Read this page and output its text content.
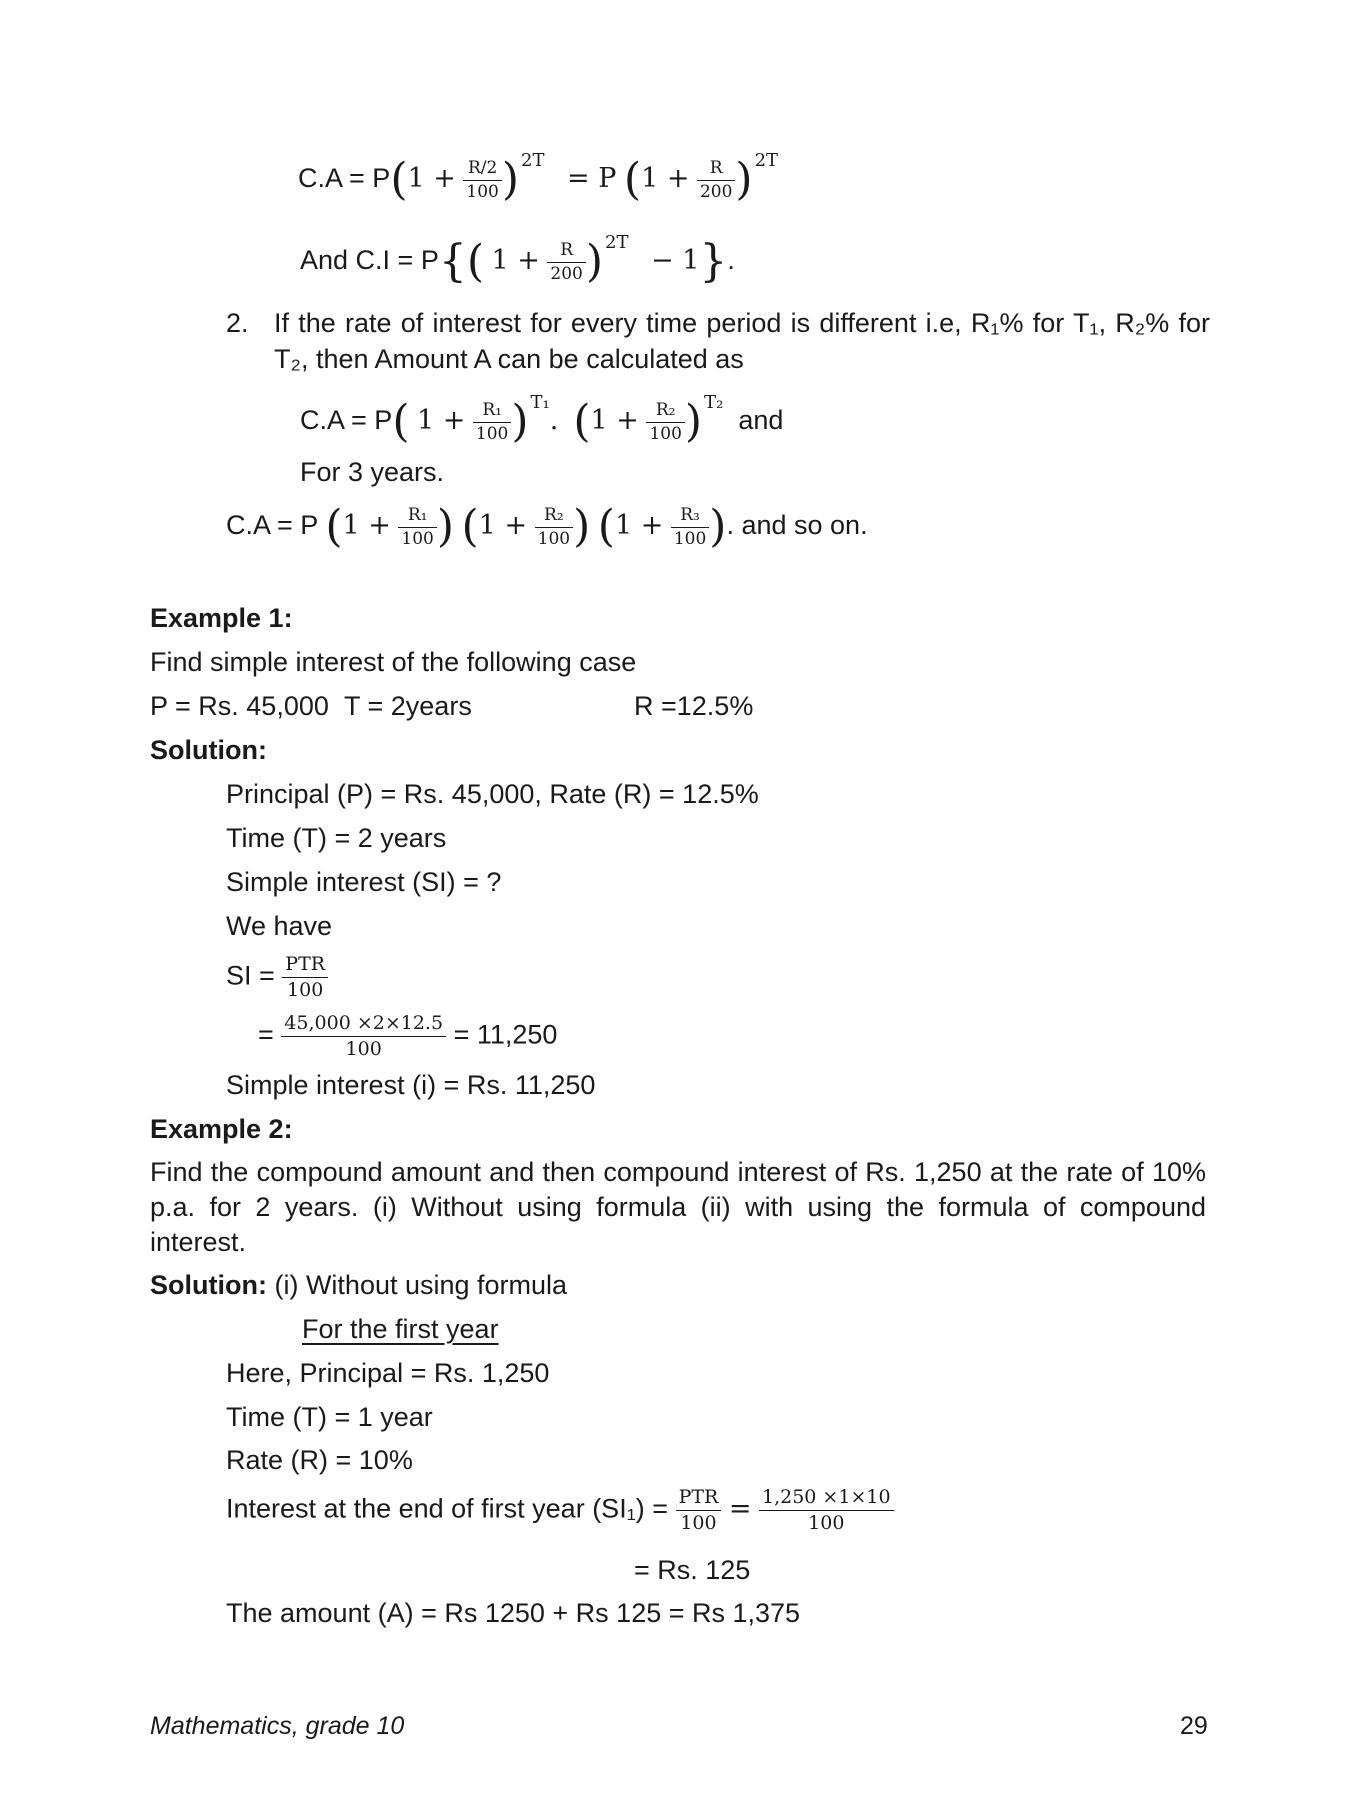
$C.A = P(1 + \frac{R/2}{100}$ ) $^{2T}$   = P ($1 + \frac{R}{200}$ ) $^{2T}$
And C.I = P{( $1 + \frac{R}{200}$ ) $^{2T}$   − 1}.
2. If the rate of interest for every time period is different i.e, R₁% for T₁, R₂% for
T₂, then Amount A can be calculated as
C.A = P( $1 + \frac{\text{R₁}}{100}$ ) $^{T_1}$. ($1 + \frac{\text{R₂}}{100}$ ) $^{T_2}$  and
For 3 years.
C.A = P ($1 + \frac{\text{R₁}}{100}$ ) ($1 + \frac{\text{R₂}}{100}$ ) ($1 + \frac{\text{R₃}}{100}$ ). and so on.
Example 1:
Find simple interest of the following case
P = Rs. 45,000 T = 2years	R =12.5%
Solution:
Principal (P) = Rs. 45,000, Rate (R) = 12.5%
Time (T) = 2 years
Simple interest (SI) = ?
We have
SI = $\frac{\text{PTR}}{100}$
= $\frac{45,000 \times 2\times 12.5}{100} = 11,250$
Simple interest (i) = Rs. 11,250
Example 2:
Find the compound amount and then compound interest of Rs. 1,250 at the rate of 10% p.a. for 2 years. (i) Without using formula (ii) with using the formula of compound interest.
Solution: (i) Without using formula
For the first year
Here, Principal = Rs. 1,250
Time (T) = 1 year
Rate (R) = 10%
Interest at the end of first year $(SI_1) = \frac{\text{PTR}}{100} = \frac{1,250 \times 1\times 10}{100}$
= Rs. 125
The amount (A) = Rs 1250 + Rs 125 = Rs 1,375
Mathematics, grade 10	29
